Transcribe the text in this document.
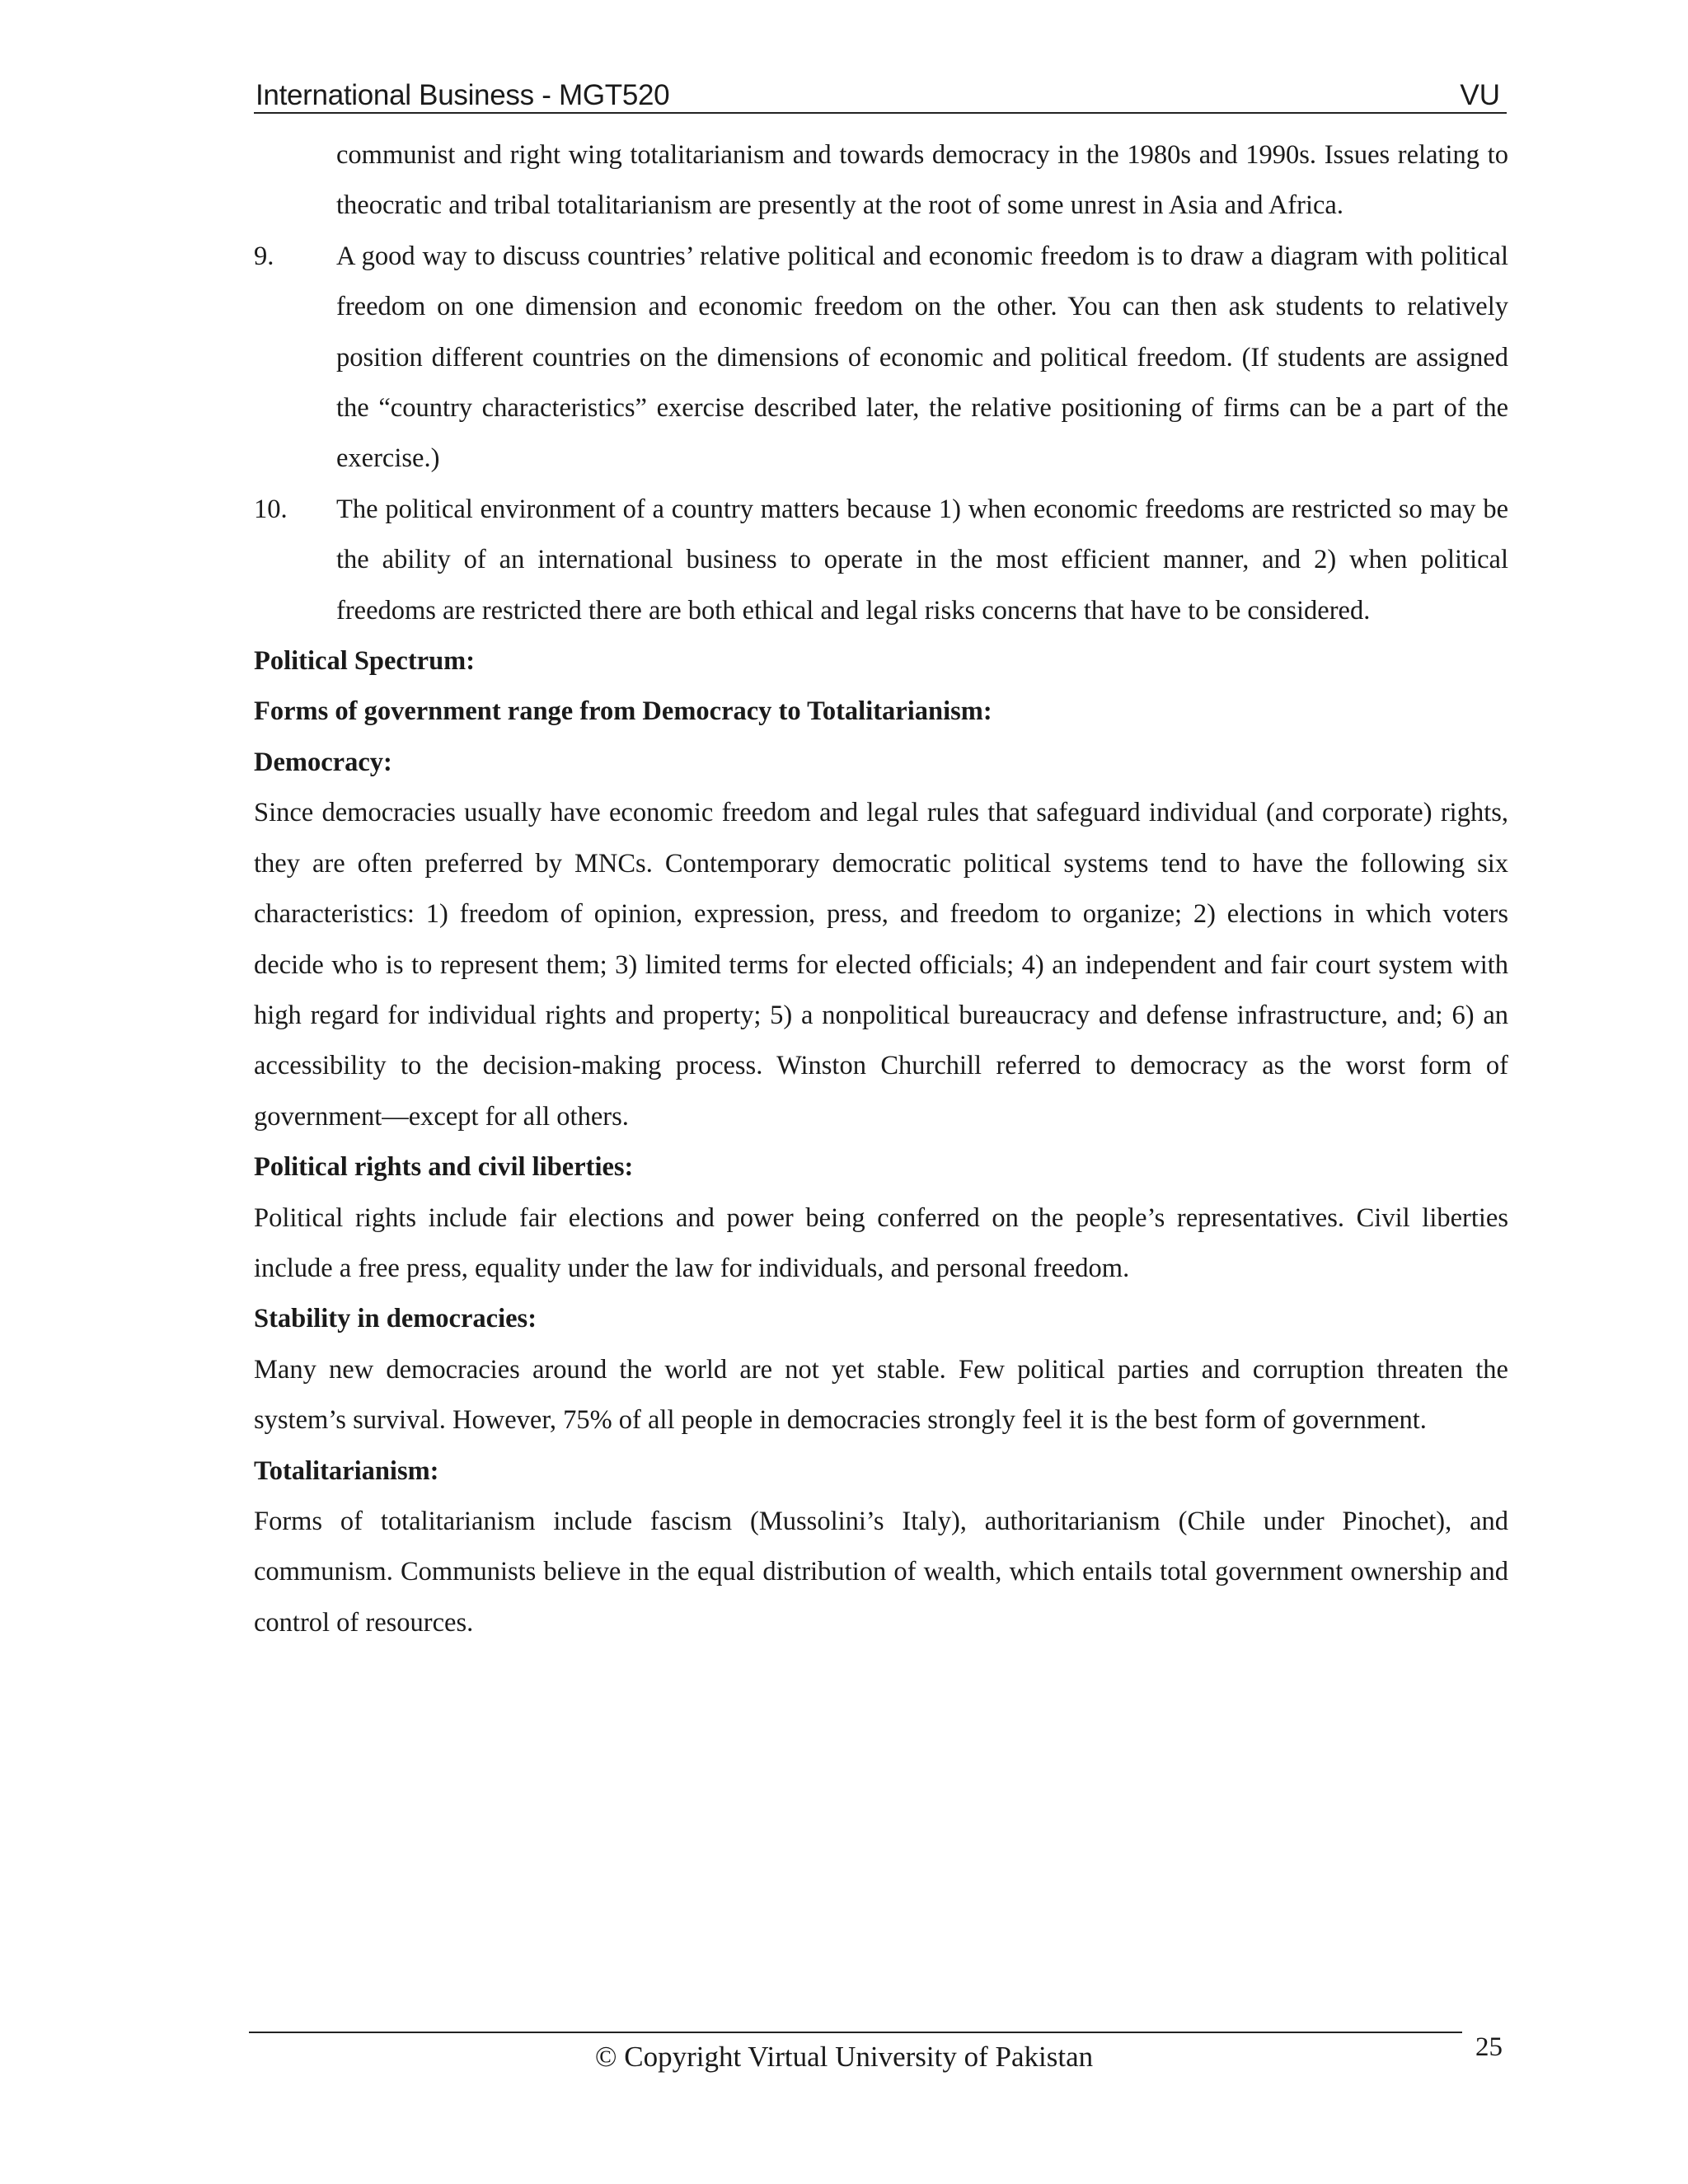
International Business - MGT520	VU

communist and right wing totalitarianism and towards democracy in the 1980s and 1990s. Issues relating to theocratic and tribal totalitarianism are presently at the root of some unrest in Asia and Africa.

9. A good way to discuss countries’ relative political and economic freedom is to draw a diagram with political freedom on one dimension and economic freedom on the other. You can then ask students to relatively position different countries on the dimensions of economic and political freedom. (If students are assigned the “country characteristics” exercise described later, the relative positioning of firms can be a part of the exercise.)

10. The political environment of a country matters because 1) when economic freedoms are restricted so may be the ability of an international business to operate in the most efficient manner, and 2) when political freedoms are restricted there are both ethical and legal risks concerns that have to be considered.

Political Spectrum:

Forms of government range from Democracy to Totalitarianism:

Democracy:

Since democracies usually have economic freedom and legal rules that safeguard individual (and corporate) rights, they are often preferred by MNCs. Contemporary democratic political systems tend to have the following six characteristics: 1) freedom of opinion, expression, press, and freedom to organize; 2) elections in which voters decide who is to represent them; 3) limited terms for elected officials; 4) an independent and fair court system with high regard for individual rights and property; 5) a nonpolitical bureaucracy and defense infrastructure, and; 6) an accessibility to the decision-making process. Winston Churchill referred to democracy as the worst form of government—except for all others.

Political rights and civil liberties:

Political rights include fair elections and power being conferred on the people’s representatives. Civil liberties include a free press, equality under the law for individuals, and personal freedom.

Stability in democracies:

Many new democracies around the world are not yet stable. Few political parties and corruption threaten the system’s survival. However, 75% of all people in democracies strongly feel it is the best form of government.

Totalitarianism:

Forms of totalitarianism include fascism (Mussolini’s Italy), authoritarianism (Chile under Pinochet), and communism. Communists believe in the equal distribution of wealth, which entails total government ownership and control of resources.

© Copyright Virtual University of Pakistan	25
